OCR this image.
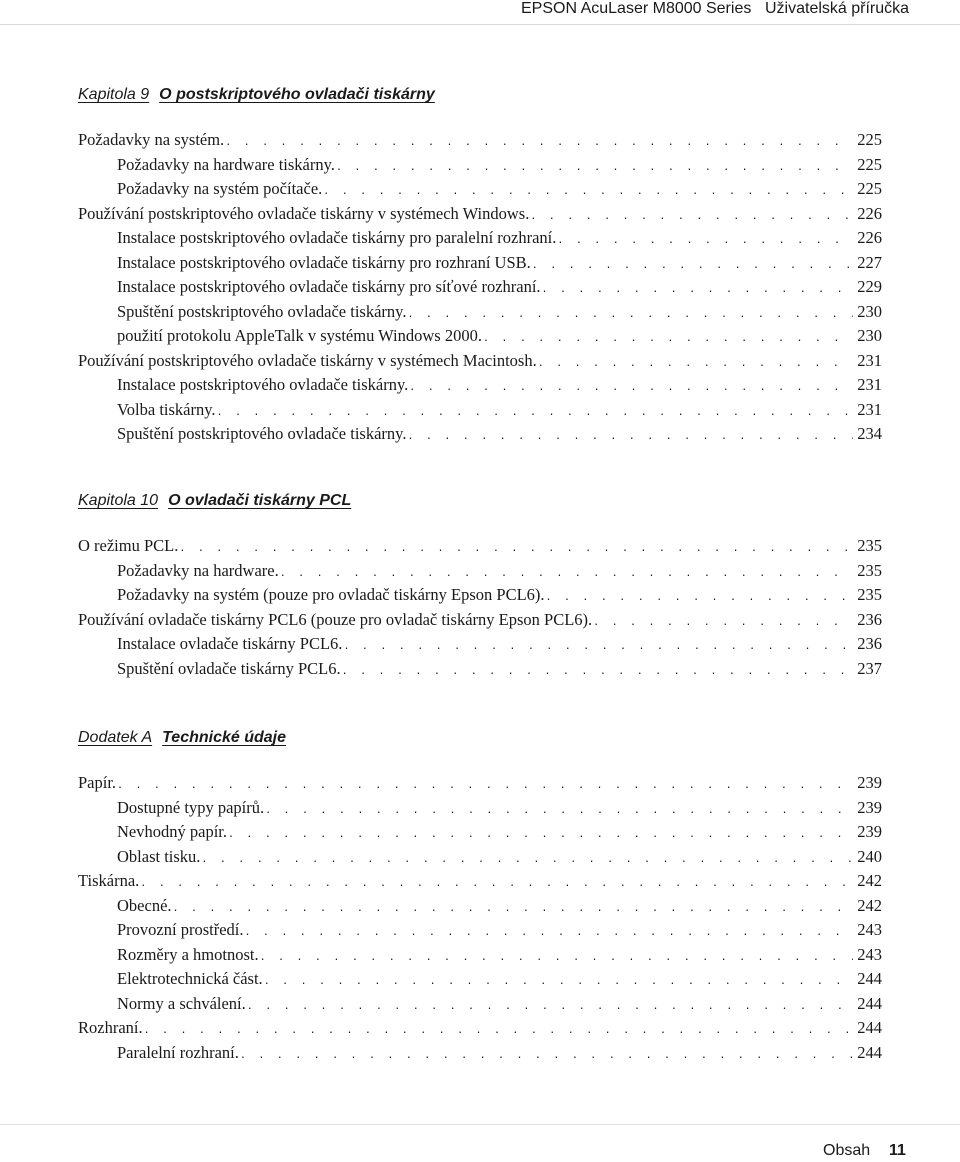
EPSON AcuLaser M8000 Series Uživatelská příručka
Kapitola 9 O postskriptového ovladači tiskárny
Požadavky na systém. . . .	225
Požadavky na hardware tiskárny. . . .	225
Požadavky na systém počítače. . . .	225
Používání postskriptového ovladače tiskárny v systémech Windows. . . .	226
Instalace postskriptového ovladače tiskárny pro paralelní rozhraní. . . .	226
Instalace postskriptového ovladače tiskárny pro rozhraní USB. . . .	227
Instalace postskriptového ovladače tiskárny pro síťové rozhraní. . . .	229
Spuštění postskriptového ovladače tiskárny. . . .	230
použití protokolu AppleTalk v systému Windows 2000. . . .	230
Používání postskriptového ovladače tiskárny v systémech Macintosh. . . .	231
Instalace postskriptového ovladače tiskárny. . . .	231
Volba tiskárny. . . .	231
Spuštění postskriptového ovladače tiskárny. . . .	234
Kapitola 10 O ovladači tiskárny PCL
O režimu PCL. . . .	235
Požadavky na hardware. . . .	235
Požadavky na systém (pouze pro ovladač tiskárny Epson PCL6). . . .	235
Používání ovladače tiskárny PCL6 (pouze pro ovladač tiskárny Epson PCL6). . . .	236
Instalace ovladače tiskárny PCL6. . . .	236
Spuštění ovladače tiskárny PCL6. . . .	237
Dodatek A Technické údaje
Papír. . . .	239
Dostupné typy papírů. . . .	239
Nevhodný papír. . . .	239
Oblast tisku. . . .	240
Tiskárna. . . .	242
Obecné. . . .	242
Provozní prostředí. . . .	243
Rozměry a hmotnost. . . .	243
Elektrotechnická část. . . .	244
Normy a schválení. . . .	244
Rozhraní. . . .	244
Paralelní rozhraní. . . .	244
Obsah 11
